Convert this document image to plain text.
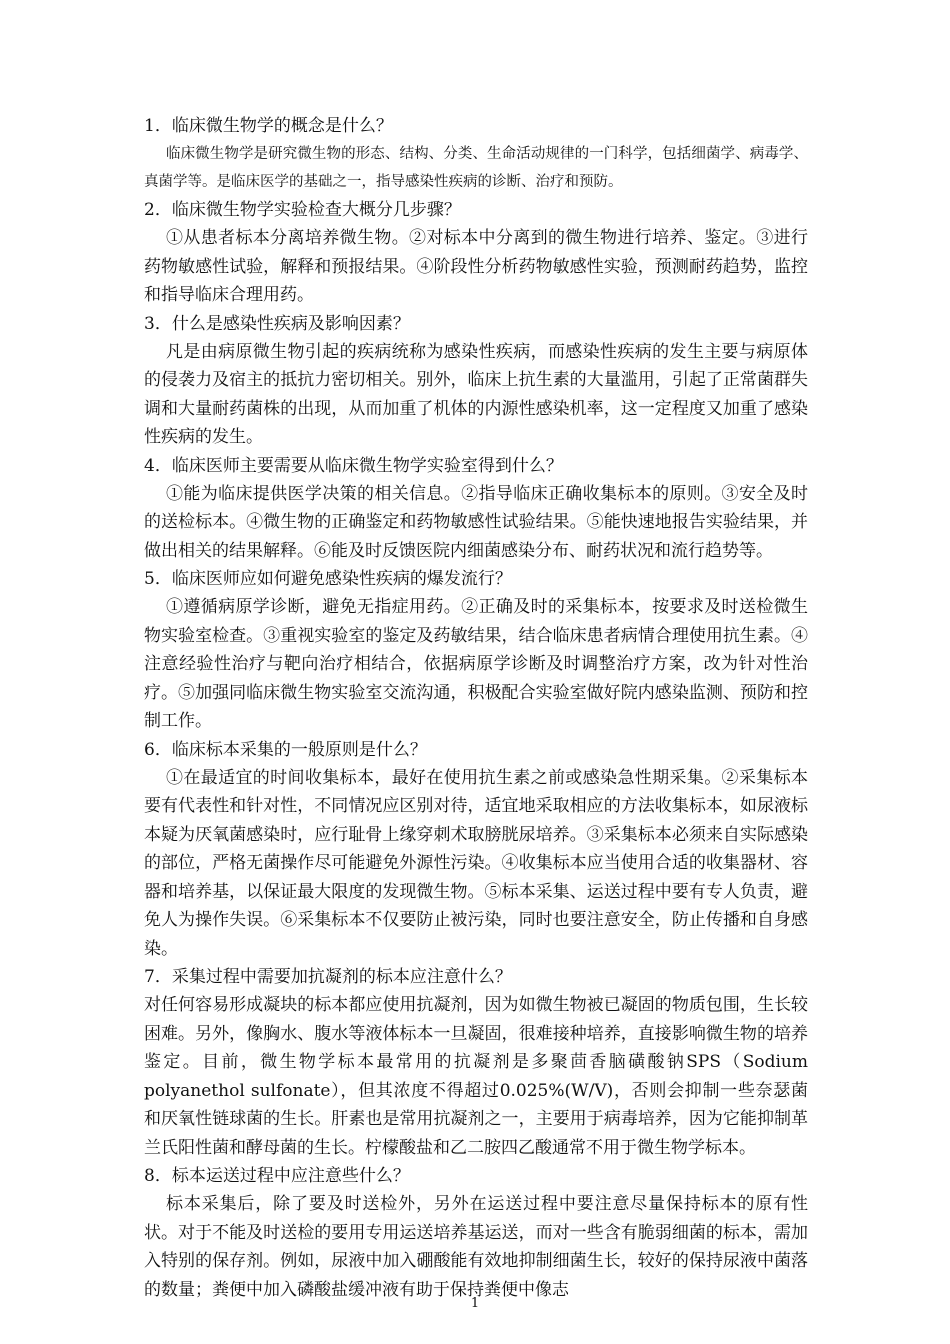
1．临床微生物学的概念是什么？

临床微生物学是研究微生物的形态、结构、分类、生命活动规律的一门科学，包括细菌学、病毒学、真菌学等。是临床医学的基础之一，指导感染性疾病的诊断、治疗和预防。

2．临床微生物学实验检查大概分几步骤？

①从患者标本分离培养微生物。②对标本中分离到的微生物进行培养、鉴定。③进行药物敏感性试验，解释和预报结果。④阶段性分析药物敏感性实验，预测耐药趋势，监控和指导临床合理用药。

3．什么是感染性疾病及影响因素？

凡是由病原微生物引起的疾病统称为感染性疾病，而感染性疾病的发生主要与病原体的侵袭力及宿主的抵抗力密切相关。别外，临床上抗生素的大量滥用，引起了正常菌群失调和大量耐药菌株的出现，从而加重了机体的内源性感染机率，这一定程度又加重了感染性疾病的发生。

4．临床医师主要需要从临床微生物学实验室得到什么？

①能为临床提供医学决策的相关信息。②指导临床正确收集标本的原则。③安全及时的送检标本。④微生物的正确鉴定和药物敏感性试验结果。⑤能快速地报告实验结果，并做出相关的结果解释。⑥能及时反馈医院内细菌感染分布、耐药状况和流行趋势等。

5．临床医师应如何避免感染性疾病的爆发流行？

①遵循病原学诊断，避免无指症用药。②正确及时的采集标本，按要求及时送检微生物实验室检查。③重视实验室的鉴定及药敏结果，结合临床患者病情合理使用抗生素。④注意经验性治疗与靶向治疗相结合，依据病原学诊断及时调整治疗方案，改为针对性治疗。⑤加强同临床微生物实验室交流沟通，积极配合实验室做好院内感染监测、预防和控制工作。

6．临床标本采集的一般原则是什么？

①在最适宜的时间收集标本，最好在使用抗生素之前或感染急性期采集。②采集标本要有代表性和针对性，不同情况应区别对待，适宜地采取相应的方法收集标本，如尿液标本疑为厌氧菌感染时，应行耻骨上缘穿刺术取膀胱尿培养。③采集标本必须来自实际感染的部位，严格无菌操作尽可能避免外源性污染。④收集标本应当使用合适的收集器材、容器和培养基，以保证最大限度的发现微生物。⑤标本采集、运送过程中要有专人负责，避免人为操作失误。⑥采集标本不仅要防止被污染，同时也要注意安全，防止传播和自身感染。

7．采集过程中需要加抗凝剂的标本应注意什么？

对任何容易形成凝块的标本都应使用抗凝剂，因为如微生物被已凝固的物质包围，生长较困难。另外，像胸水、腹水等液体标本一旦凝固，很难接种培养，直接影响微生物的培养鉴定。目前，微生物学标本最常用的抗凝剂是多聚茴香脑磺酸钠SPS（Sodium polyanethol sulfonate），但其浓度不得超过0.025%(W/V)，否则会抑制一些奈瑟菌和厌氧性链球菌的生长。肝素也是常用抗凝剂之一，主要用于病毒培养，因为它能抑制革兰氏阳性菌和酵母菌的生长。柠檬酸盐和乙二胺四乙酸通常不用于微生物学标本。

8．标本运送过程中应注意些什么？

标本采集后，除了要及时送检外，另外在运送过程中要注意尽量保持标本的原有性状。对于不能及时送检的要用专用运送培养基运送，而对一些含有脆弱细菌的标本，需加入特别的保存剂。例如，尿液中加入硼酸能有效地抑制细菌生长，较好的保持尿液中菌落的数量；粪便中加入磷酸盐缓冲液有助于保持粪便中像志

1
